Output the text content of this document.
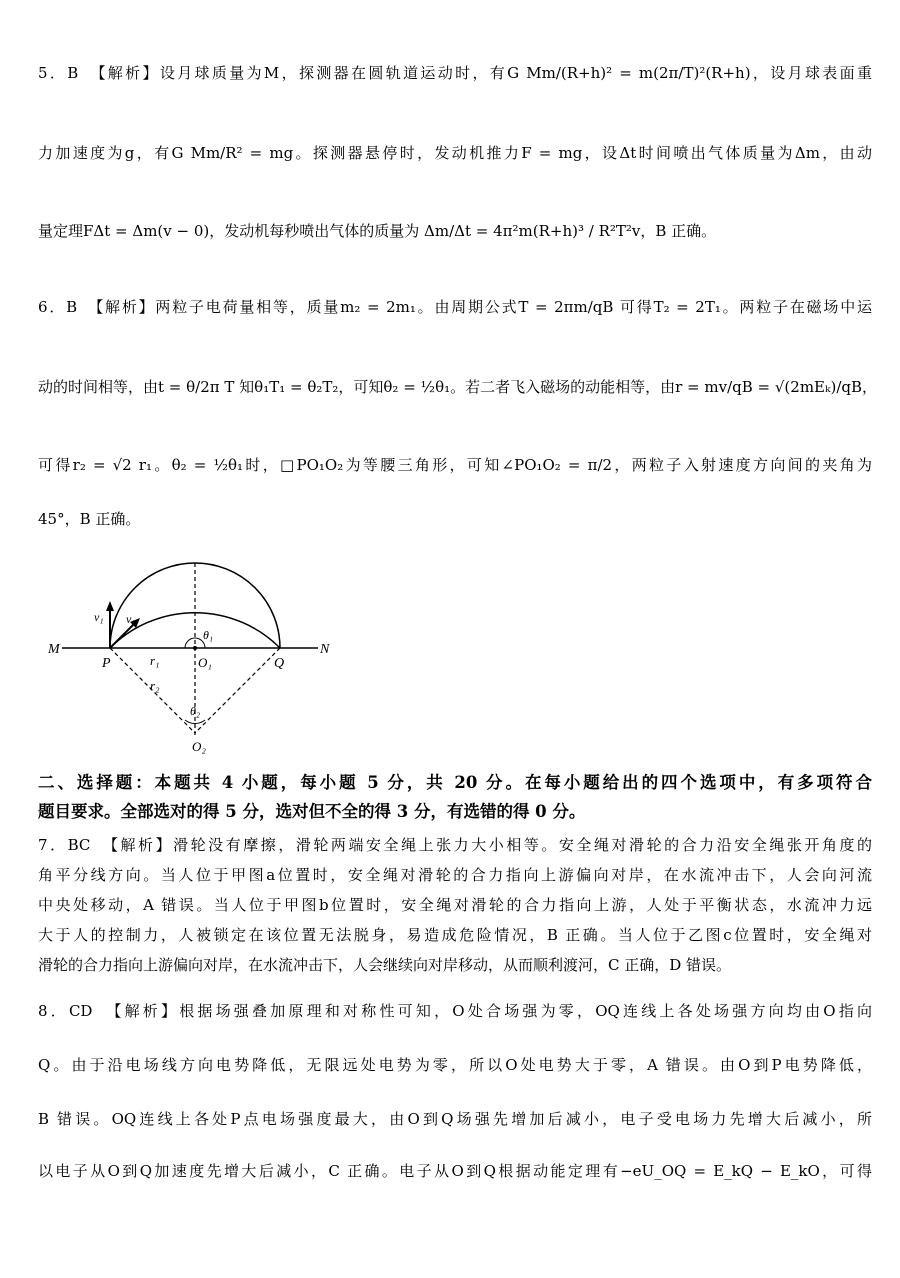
5．B　【解析】设月球质量为M，探测器在圆轨道运动时，有G Mm/(R+h)² = m(2π/T)²(R+h)，设月球表面重
力加速度为g，有G Mm/R² = mg。探测器悬停时，发动机推力F = mg，设Δt时间喷出气体质量为Δm，由动
量定理FΔt = Δm(v − 0)，发动机每秒喷出气体的质量为 Δm/Δt = 4π²m(R+h)³ / R²T²v，B 正确。
6．B　【解析】两粒子电荷量相等，质量m₂ = 2m₁。由周期公式T = 2πm/qB 可得T₂ = 2T₁。两粒子在磁场中运
动的时间相等，由t = θ/2π T 知θ₁T₁ = θ₂T₂，可知θ₂ = ½θ₁。若二者飞入磁场的动能相等，由r = mv/qB = √(2mEₖ)/qB，
可得r₂ = √2 r₁。θ₂ = ½θ₁时，□PO₁O₂为等腰三角形，可知∠PO₁O₂ = π/2，两粒子入射速度方向间的夹角为
45°，B 正确。
M	N
P	Q
O₁
O₂
r₁
r₂
v₁ v₂
θ₁
θ₂
二、选择题：本题共 4 小题，每小题 5 分，共 20 分。在每小题给出的四个选项中，有多项符合
题目要求。全部选对的得 5 分，选对但不全的得 3 分，有选错的得 0 分。
7．BC　【解析】滑轮没有摩擦，滑轮两端安全绳上张力大小相等。安全绳对滑轮的合力沿安全绳张开角度的
角平分线方向。当人位于甲图a位置时，安全绳对滑轮的合力指向上游偏向对岸，在水流冲击下，人会向河流
中央处移动，A 错误。当人位于甲图b位置时，安全绳对滑轮的合力指向上游，人处于平衡状态，水流冲力远
大于人的控制力，人被锁定在该位置无法脱身，易造成危险情况，B 正确。当人位于乙图c位置时，安全绳对
滑轮的合力指向上游偏向对岸，在水流冲击下，人会继续向对岸移动，从而顺利渡河，C 正确，D 错误。
8．CD　【解析】根据场强叠加原理和对称性可知，O处合场强为零，OQ连线上各处场强方向均由O指向
Q。由于沿电场线方向电势降低，无限远处电势为零，所以O处电势大于零，A 错误。由O到P电势降低，
B 错误。OQ连线上各处P点电场强度最大，由O到Q场强先增加后减小，电子受电场力先增大后减小，所
以电子从O到Q加速度先增大后减小，C 正确。电子从O到Q根据动能定理有−eU_OQ = E_kQ − E_kO，可得
